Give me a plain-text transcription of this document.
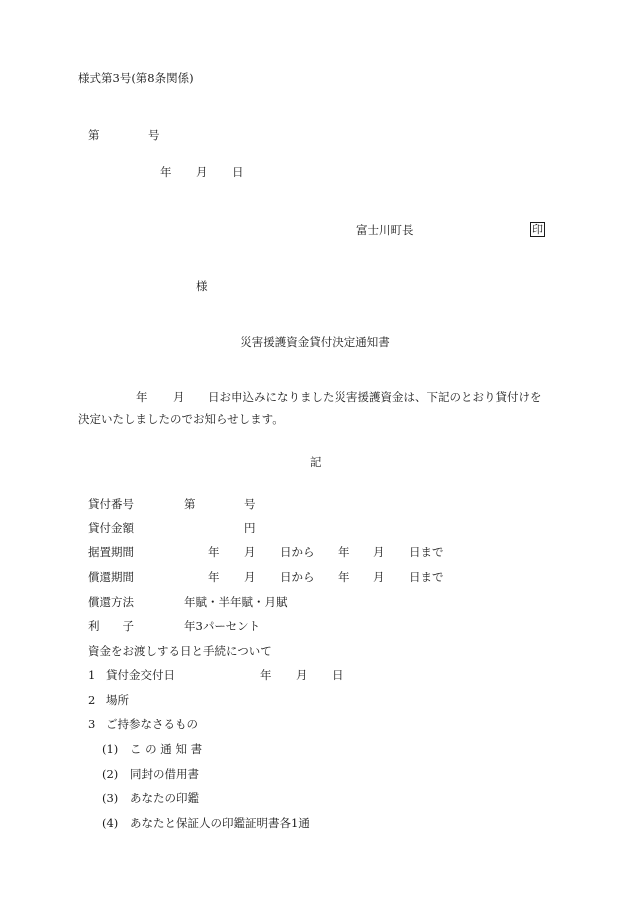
様式第3号(第8条関係)
第	号
年 月 日
富士川町長	印
様
災害援護資金貸付決定通知書
年 月 日お申込みになりました災害援護資金は、下記のとおり貸付けを
決定いたしましたのでお知らせします。
記
貸付番号	第	号
貸付金額	円
据置期間	年 月 日から 年 月 日まで
償還期間	年 月 日から 年 月 日まで
償還方法	年賦・半年賦・月賦
利　　子	年3パーセント
資金をお渡しする日と手続について
1 貸付金交付日	年 月 日
2 場所
3 ご持参なさるもの
(1) こ の 通 知 書
(2) 同封の借用書
(3) あなたの印鑑
(4) あなたと保証人の印鑑証明書各1通
